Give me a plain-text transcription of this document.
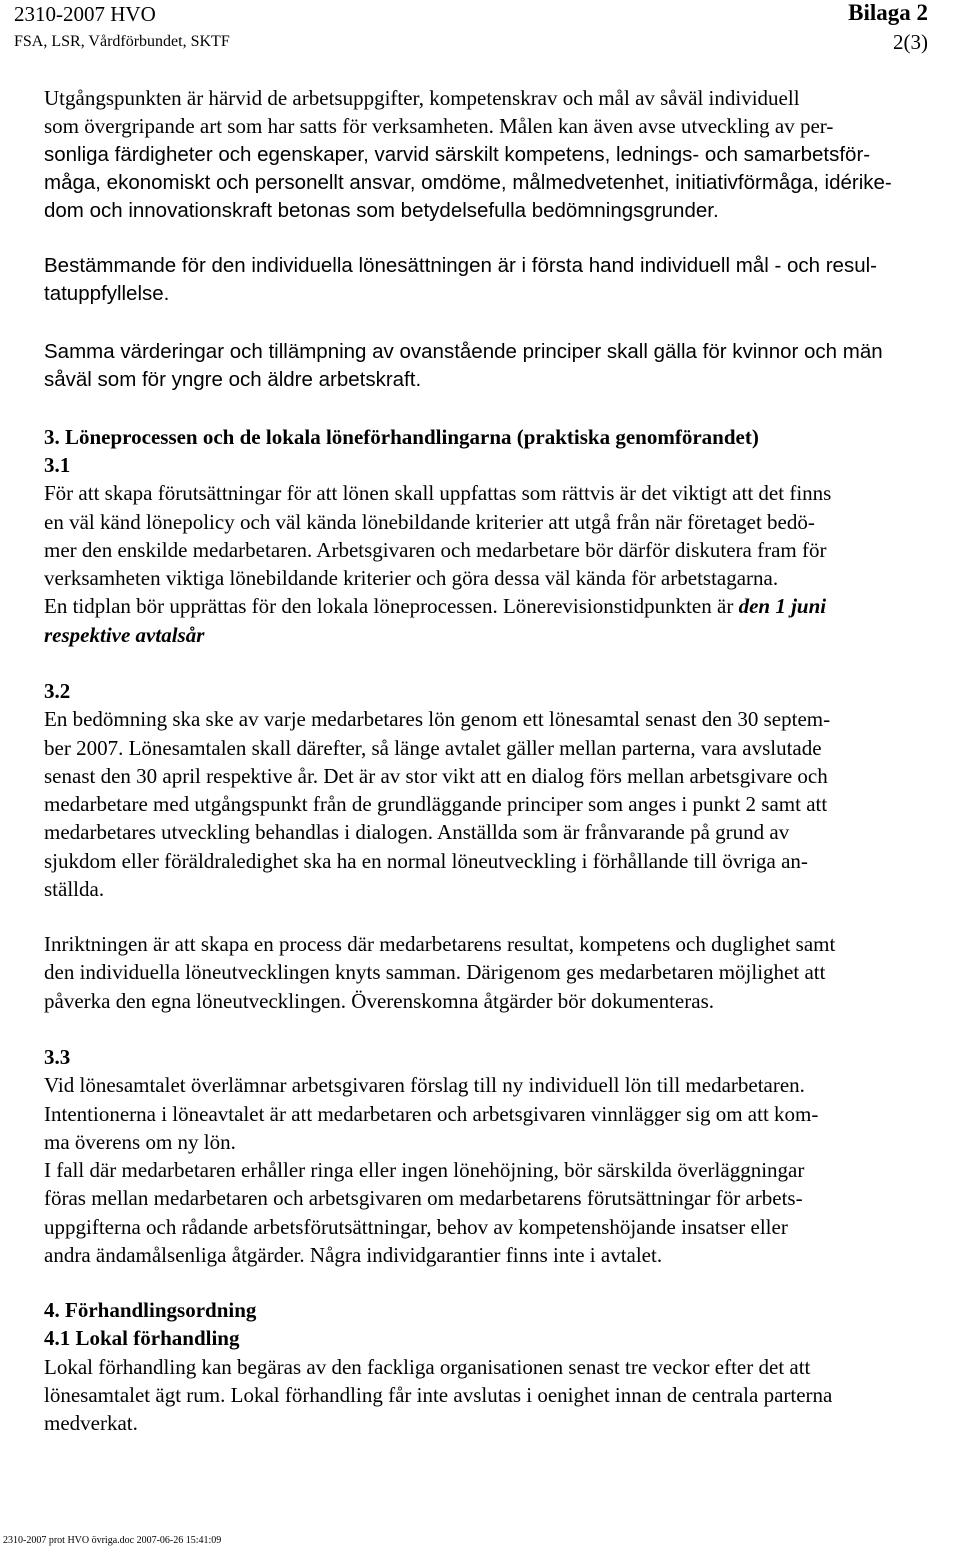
2310-2007 HVO
FSA, LSR, Vårdförbundet, SKTF
Bilaga 2
2(3)
Utgångspunkten är härvid de arbetsuppgifter, kompetenskrav och mål av såväl individuell
som övergripande art som har satts för verksamheten. Målen kan även avse utveckling av per-
sonliga färdigheter och egenskaper, varvid särskilt kompetens, lednings- och samarbetsför-
måga, ekonomiskt och personellt ansvar, omdöme, målmedvetenhet, initiativförmåga, idérike-
dom och innovationskraft betonas som betydelsefulla bedömningsgrunder.
Bestämmande för den individuella lönesättningen är i första hand individuell mål - och resul-
tatuppfyllelse.
Samma värderingar och tillämpning av ovanstående principer skall gälla för kvinnor och män
såväl som för yngre och äldre arbetskraft.
3. Löneprocessen och de lokala löneförhandlingarna (praktiska genomförandet)
3.1
För att skapa förutsättningar för att lönen skall uppfattas som rättvis är det viktigt att det finns
en väl känd lönepolicy och väl kända lönebildande kriterier att utgå från när företaget bedö-
mer den enskilde medarbetaren. Arbetsgivaren och medarbetare bör därför diskutera fram för
verksamheten viktiga lönebildande kriterier och göra dessa väl kända för arbetstagarna.
En tidplan bör upprättas för den lokala löneprocessen. Lönerevisionstidpunkten är den 1 juni
respektive avtalsår
3.2
En bedömning ska ske av varje medarbetares lön genom ett lönesamtal senast den 30 septem-
ber 2007. Lönesamtalen skall därefter, så länge avtalet gäller mellan parterna, vara avslutade
senast den 30 april respektive år. Det är av stor vikt att en dialog förs mellan arbetsgivare och
medarbetare med utgångspunkt från de grundläggande principer som anges i punkt 2 samt att
medarbetares utveckling behandlas i dialogen. Anställda som är frånvarande på grund av
sjukdom eller föräldraledighet ska ha en normal löneutveckling i förhållande till övriga an-
ställda.
Inriktningen är att skapa en process där medarbetarens resultat, kompetens och duglighet samt
den individuella löneutvecklingen knyts samman. Därigenom ges medarbetaren möjlighet att
påverka den egna löneutvecklingen. Överenskomna åtgärder bör dokumenteras.
3.3
Vid lönesamtalet överlämnar arbetsgivaren förslag till ny individuell lön till medarbetaren.
Intentionerna i löneavtalet är att medarbetaren och arbetsgivaren vinnlägger sig om att kom-
ma överens om ny lön.
I fall där medarbetaren erhåller ringa eller ingen lönehöjning, bör särskilda överläggningar
föras mellan medarbetaren och arbetsgivaren om medarbetarens förutsättningar för arbets-
uppgifterna och rådande arbetsförutsättningar, behov av kompetenshöjande insatser eller
andra ändamålsenliga åtgärder. Några individgarantier finns inte i avtalet.
4. Förhandlingsordning
4.1 Lokal förhandling
Lokal förhandling kan begäras av den fackliga organisationen senast tre veckor efter det att
lönesamtalet ägt rum. Lokal förhandling får inte avslutas i oenighet innan de centrala parterna
medverkat.
2310-2007 prot HVO övriga.doc 2007-06-26 15:41:09
